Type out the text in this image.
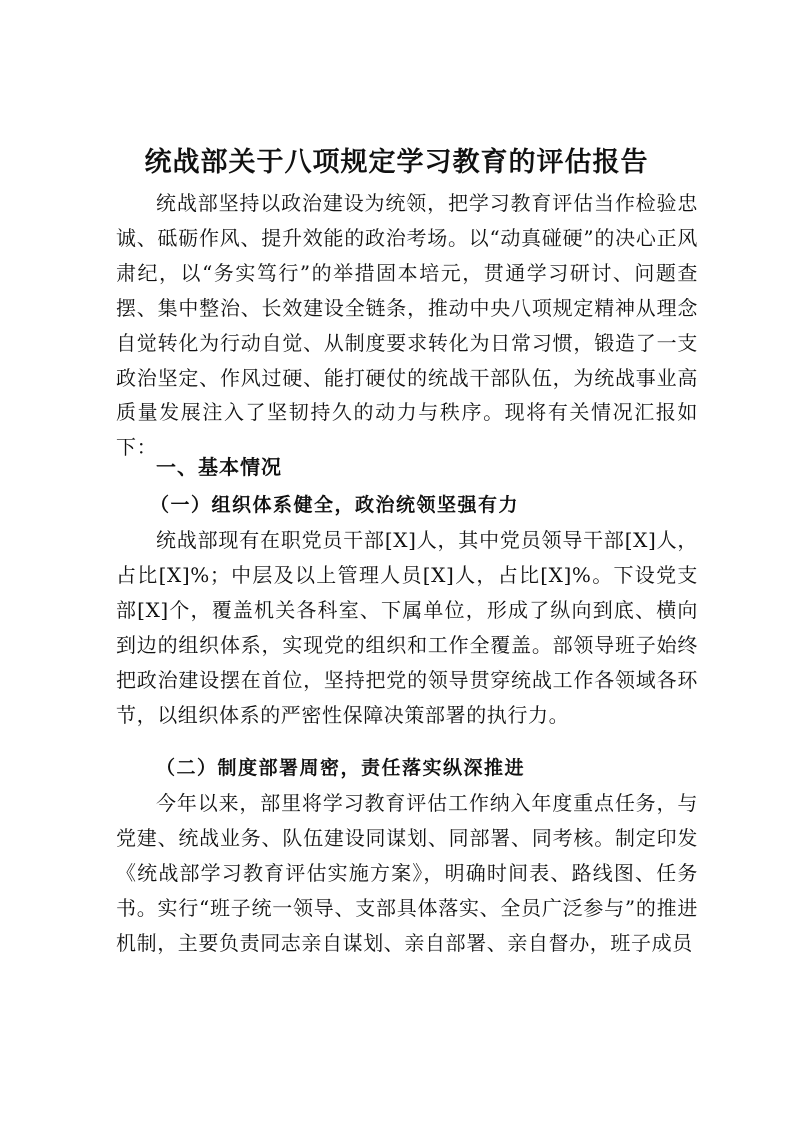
统战部关于八项规定学习教育的评估报告

统战部坚持以政治建设为统领，把学习教育评估当作检验忠诚、砥砺作风、提升效能的政治考场。以“动真碰硬”的决心正风肃纪，以“务实笃行”的举措固本培元，贯通学习研讨、问题查摆、集中整治、长效建设全链条，推动中央八项规定精神从理念自觉转化为行动自觉、从制度要求转化为日常习惯，锻造了一支政治坚定、作风过硬、能打硬仗的统战干部队伍，为统战事业高质量发展注入了坚韧持久的动力与秩序。现将有关情况汇报如下：

一、基本情况
（一）组织体系健全，政治统领坚强有力

统战部现有在职党员干部[X]人，其中党员领导干部[X]人，占比[X]%；中层及以上管理人员[X]人，占比[X]%。下设党支部[X]个，覆盖机关各科室、下属单位，形成了纵向到底、横向到边的组织体系，实现党的组织和工作全覆盖。部领导班子始终把政治建设摆在首位，坚持把党的领导贯穿统战工作各领域各环节，以组织体系的严密性保障决策部署的执行力。

（二）制度部署周密，责任落实纵深推进

今年以来，部里将学习教育评估工作纳入年度重点任务，与党建、统战业务、队伍建设同谋划、同部署、同考核。制定印发《统战部学习教育评估实施方案》，明确时间表、路线图、任务书。实行“班子统一领导、支部具体落实、全员广泛参与”的推进机制，主要负责同志亲自谋划、亲自部署、亲自督办，班子成员
